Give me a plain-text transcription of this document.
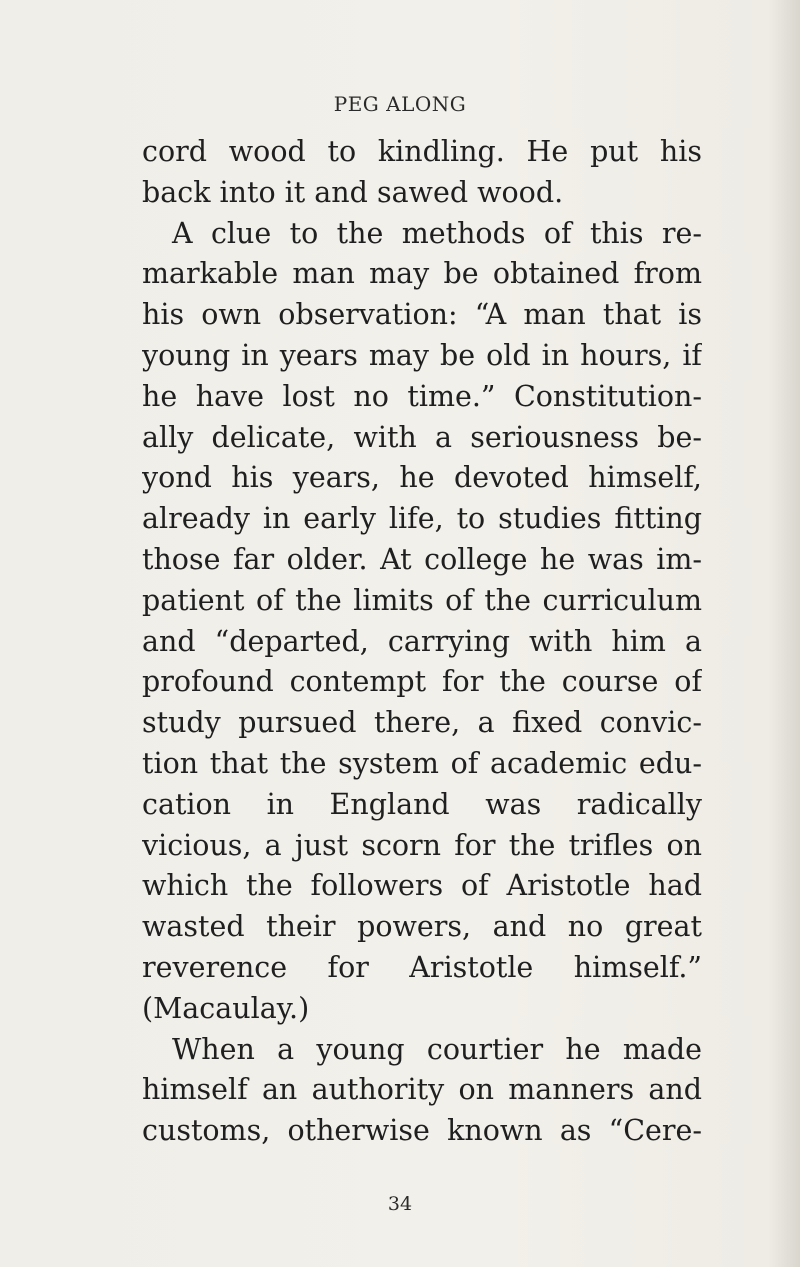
PEG ALONG
cord wood to kindling. He put his
back into it and sawed wood.
A clue to the methods of this re-
markable man may be obtained from
his own observation: “A man that is
young in years may be old in hours, if
he have lost no time.” Constitution-
ally delicate, with a seriousness be-
yond his years, he devoted himself,
already in early life, to studies fitting
those far older. At college he was im-
patient of the limits of the curriculum
and “departed, carrying with him a
profound contempt for the course of
study pursued there, a fixed convic-
tion that the system of academic edu-
cation in England was radically
vicious, a just scorn for the trifles on
which the followers of Aristotle had
wasted their powers, and no great
reverence for Aristotle himself.”
(Macaulay.)
When a young courtier he made
himself an authority on manners and
customs, otherwise known as “Cere-
34
